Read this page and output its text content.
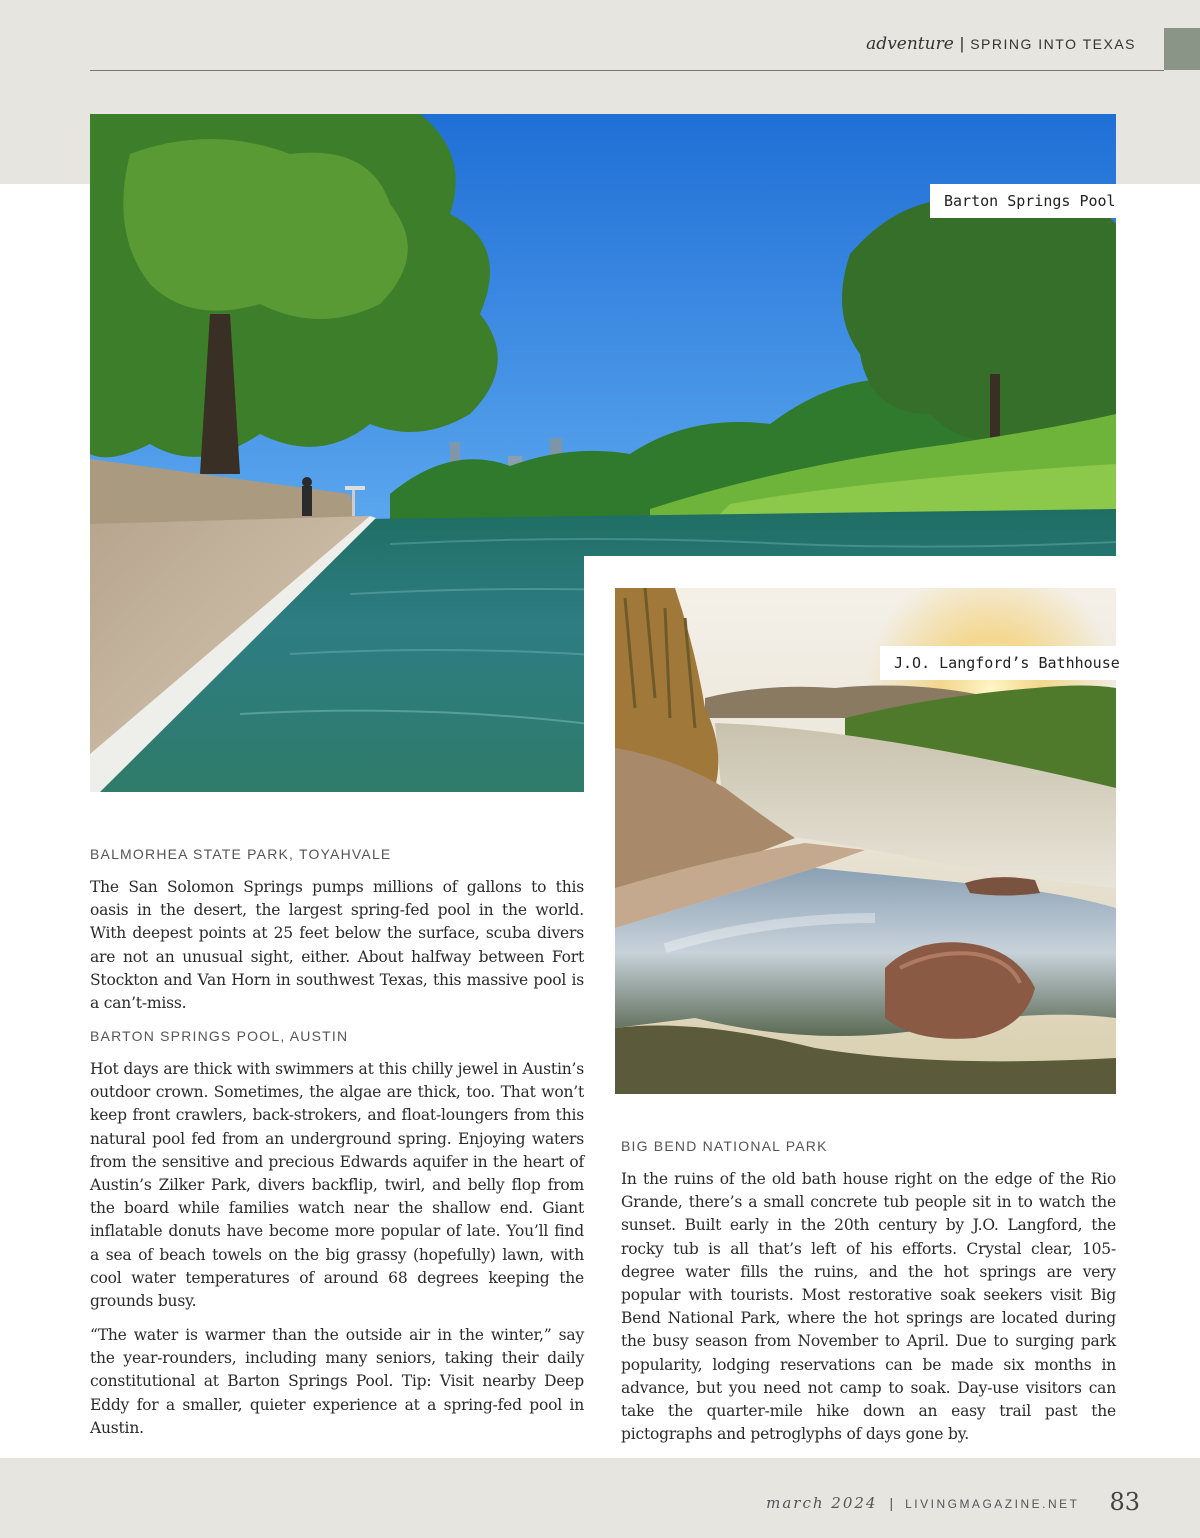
adventure | SPRING INTO TEXAS
Barton Springs Pool
J.O. Langford’s Bathhouse
BALMORHEA STATE PARK, TOYAHVALE

The San Solomon Springs pumps millions of gallons to this oasis in the desert, the largest spring-fed pool in the world. With deepest points at 25 feet below the surface, scuba divers are not an unusual sight, either. About halfway between Fort Stockton and Van Horn in southwest Texas, this massive pool is a can’t-miss.

BARTON SPRINGS POOL, AUSTIN

Hot days are thick with swimmers at this chilly jewel in Austin’s outdoor crown. Sometimes, the algae are thick, too. That won’t keep front crawlers, back-strokers, and float-loungers from this natural pool fed from an underground spring. Enjoying waters from the sensitive and precious Edwards aquifer in the heart of Austin’s Zilker Park, divers backflip, twirl, and belly flop from the board while families watch near the shallow end. Giant inflatable donuts have become more popular of late. You’ll find a sea of beach towels on the big grassy (hopefully) lawn, with cool water temperatures of around 68 degrees keeping the grounds busy.

“The water is warmer than the outside air in the winter,” say the year-rounders, including many seniors, taking their daily constitutional at Barton Springs Pool. Tip: Visit nearby Deep Eddy for a smaller, quieter experience at a spring-fed pool in Austin.

BIG BEND NATIONAL PARK

In the ruins of the old bath house right on the edge of the Rio Grande, there’s a small concrete tub people sit in to watch the sunset. Built early in the 20th century by J.O. Langford, the rocky tub is all that’s left of his efforts. Crystal clear, 105-degree water fills the ruins, and the hot springs are very popular with tourists. Most restorative soak seekers visit Big Bend National Park, where the hot springs are located during the busy season from November to April. Due to surging park popularity, lodging reservations can be made six months in advance, but you need not camp to soak. Day-use visitors can take the quarter-mile hike down an easy trail past the pictographs and petroglyphs of days gone by.

march 2024 | LIVINGMAGAZINE.NET 83
